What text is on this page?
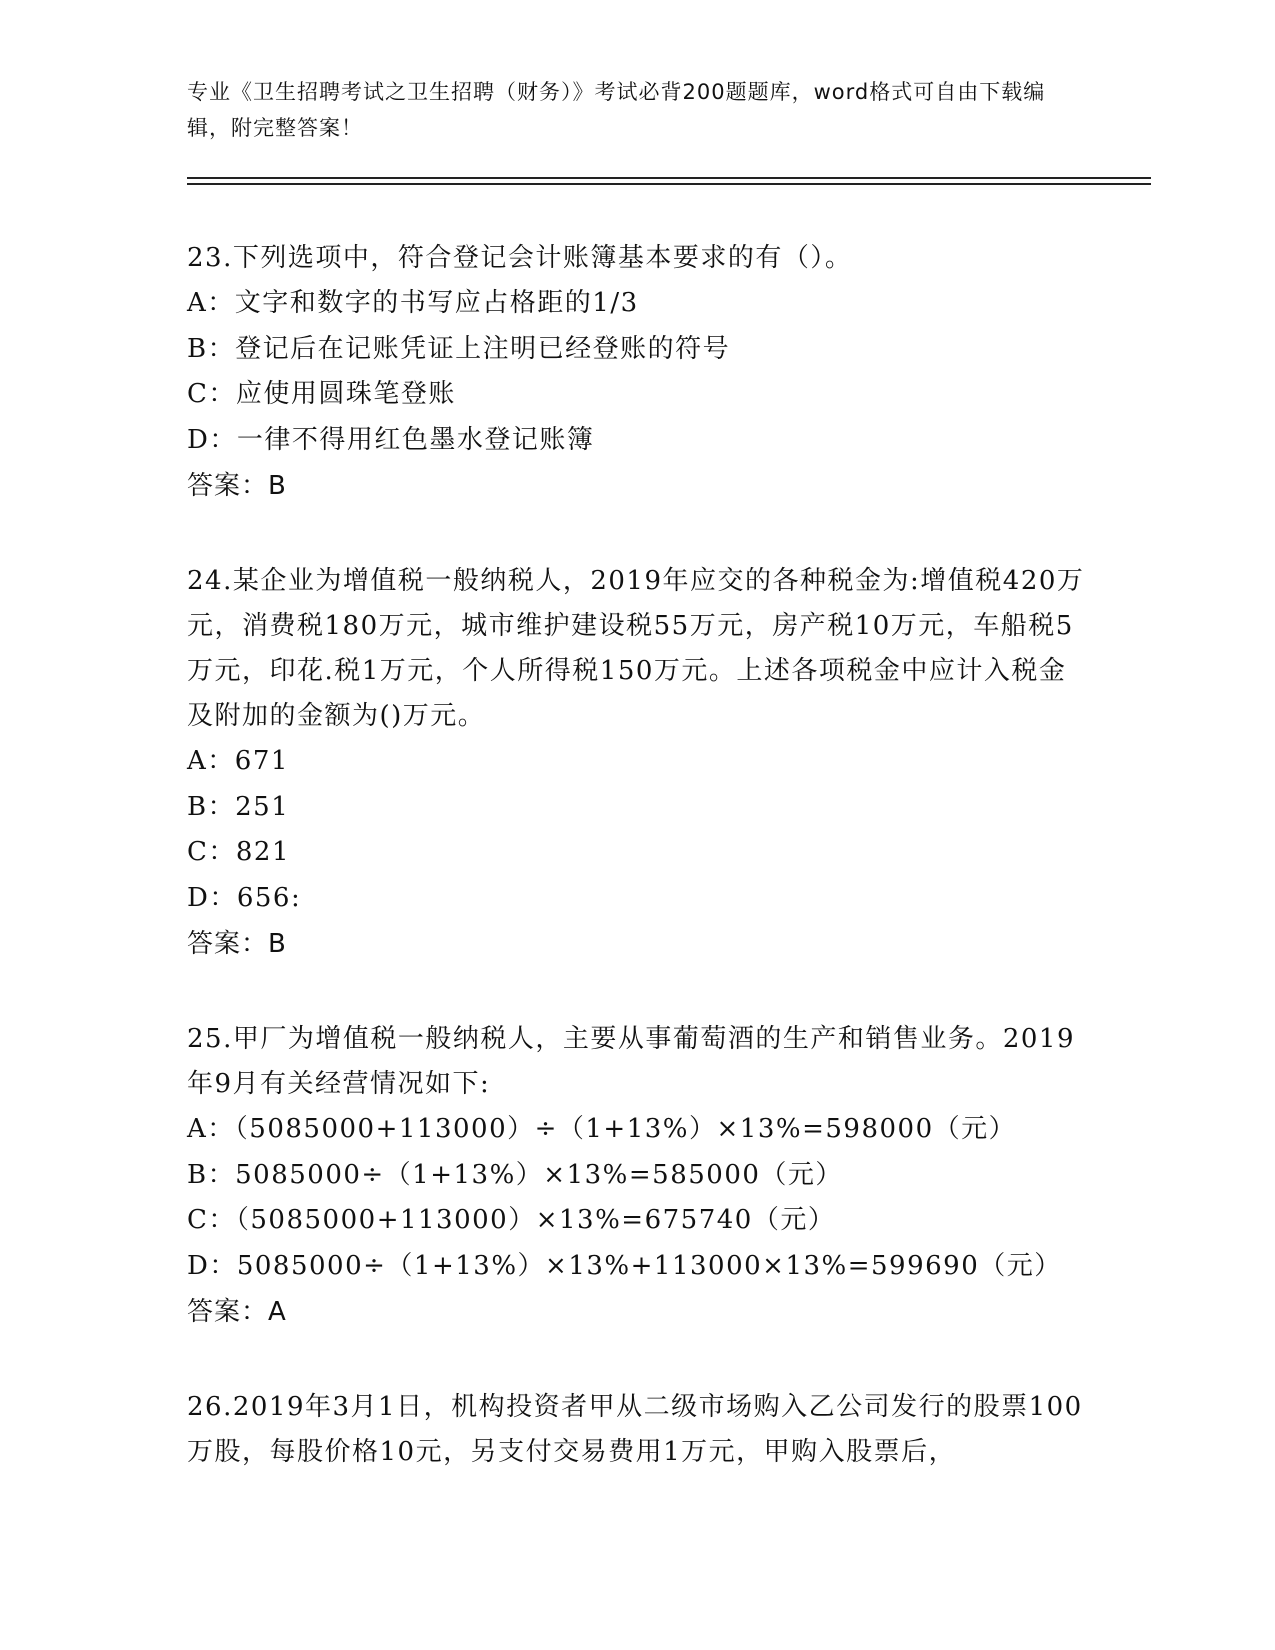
专业《卫生招聘考试之卫生招聘（财务）》考试必背200题题库，word格式可自由下载编辑，附完整答案！
23.下列选项中，符合登记会计账簿基本要求的有（）。
A：文字和数字的书写应占格距的1/3
B：登记后在记账凭证上注明已经登账的符号
C：应使用圆珠笔登账
D：一律不得用红色墨水登记账簿
答案：B
24.某企业为增值税一般纳税人，2019年应交的各种税金为:增值税420万元，消费税180万元，城市维护建设税55万元，房产税10万元，车船税5万元，印花.税1万元，个人所得税150万元。上述各项税金中应计入税金及附加的金额为()万元。
A：671
B：251
C：821
D：656:
答案：B
25.甲厂为增值税一般纳税人，主要从事葡萄酒的生产和销售业务。2019年9月有关经营情况如下:
A：（5085000+113000）÷（1+13%）×13%=598000（元）
B：5085000÷（1+13%）×13%=585000（元）
C：（5085000+113000）×13%=675740（元）
D：5085000÷（1+13%）×13%+113000×13%=599690（元）
答案：A
26.2019年3月1日，机构投资者甲从二级市场购入乙公司发行的股票100万股，每股价格10元，另支付交易费用1万元，甲购入股票后，
